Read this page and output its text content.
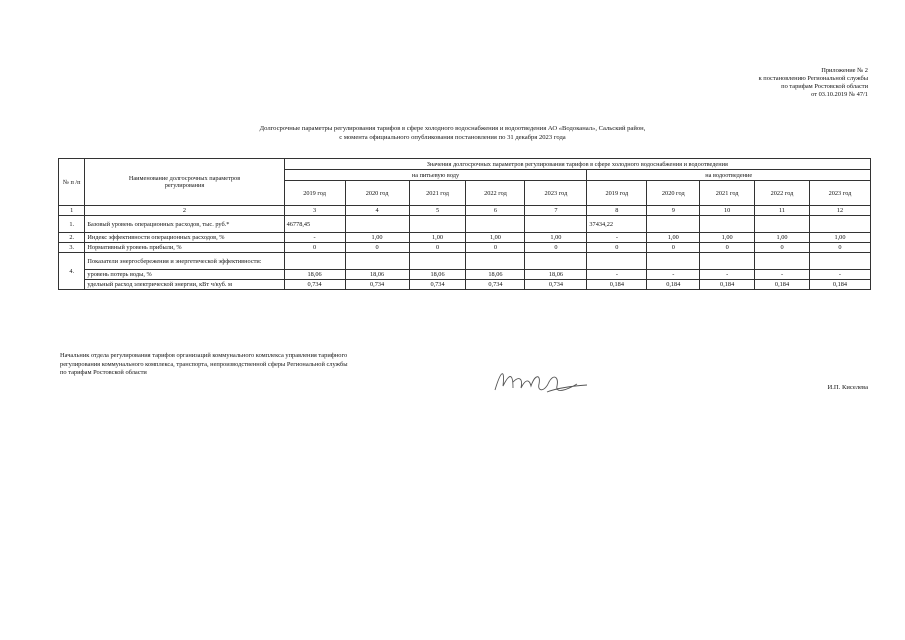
Приложение № 2
к постановлению Региональной службы
по тарифам Ростовской области
от 03.10.2019 № 47/1
Долгосрочные параметры регулирования тарифов в сфере холодного водоснабжения и водоотведения АО «Водоканал», Сальский район,
с момента официального опубликования постановления по 31 декабря 2023 года
№ п /п	Наименование долгосрочных параметров регулирования	Значения долгосрочных параметров регулирования тарифов в сфере холодного водоснабжения и водоотведения									
		на питьевую воду					на водоотведение				
		2019 год	2020 год	2021 год	2022 год	2023 год	2019 год	2020 год	2021 год	2022 год	2023 год
1	2	3	4	5	6	7	8	9	10	11	12
1.	Базовый уровень операционных расходов, тыс. руб.*	46778,45					37434,22				
2.	Индекс эффективности операционных расходов, %	-	1,00	1,00	1,00	1,00	-	1,00	1,00	1,00	1,00
3.	Нормативный уровень прибыли, %	0	0	0	0	0	0	0	0	0	0
4.	Показатели энергосбережения и энергетической эффективности:										
	уровень потерь воды, %	18,06	18,06	18,06	18,06	18,06	-	-	-	-	-
	удельный расход электрической энергии, кВт ч/куб. м	0,734	0,734	0,734	0,734	0,734	0,184	0,184	0,184	0,184	0,184
Начальник отдела регулирования тарифов организаций коммунального комплекса управления тарифного регулирования коммунального комплекса, транспорта, непроизводственной сферы Региональной службы по тарифам Ростовской области
И.П. Киселева
